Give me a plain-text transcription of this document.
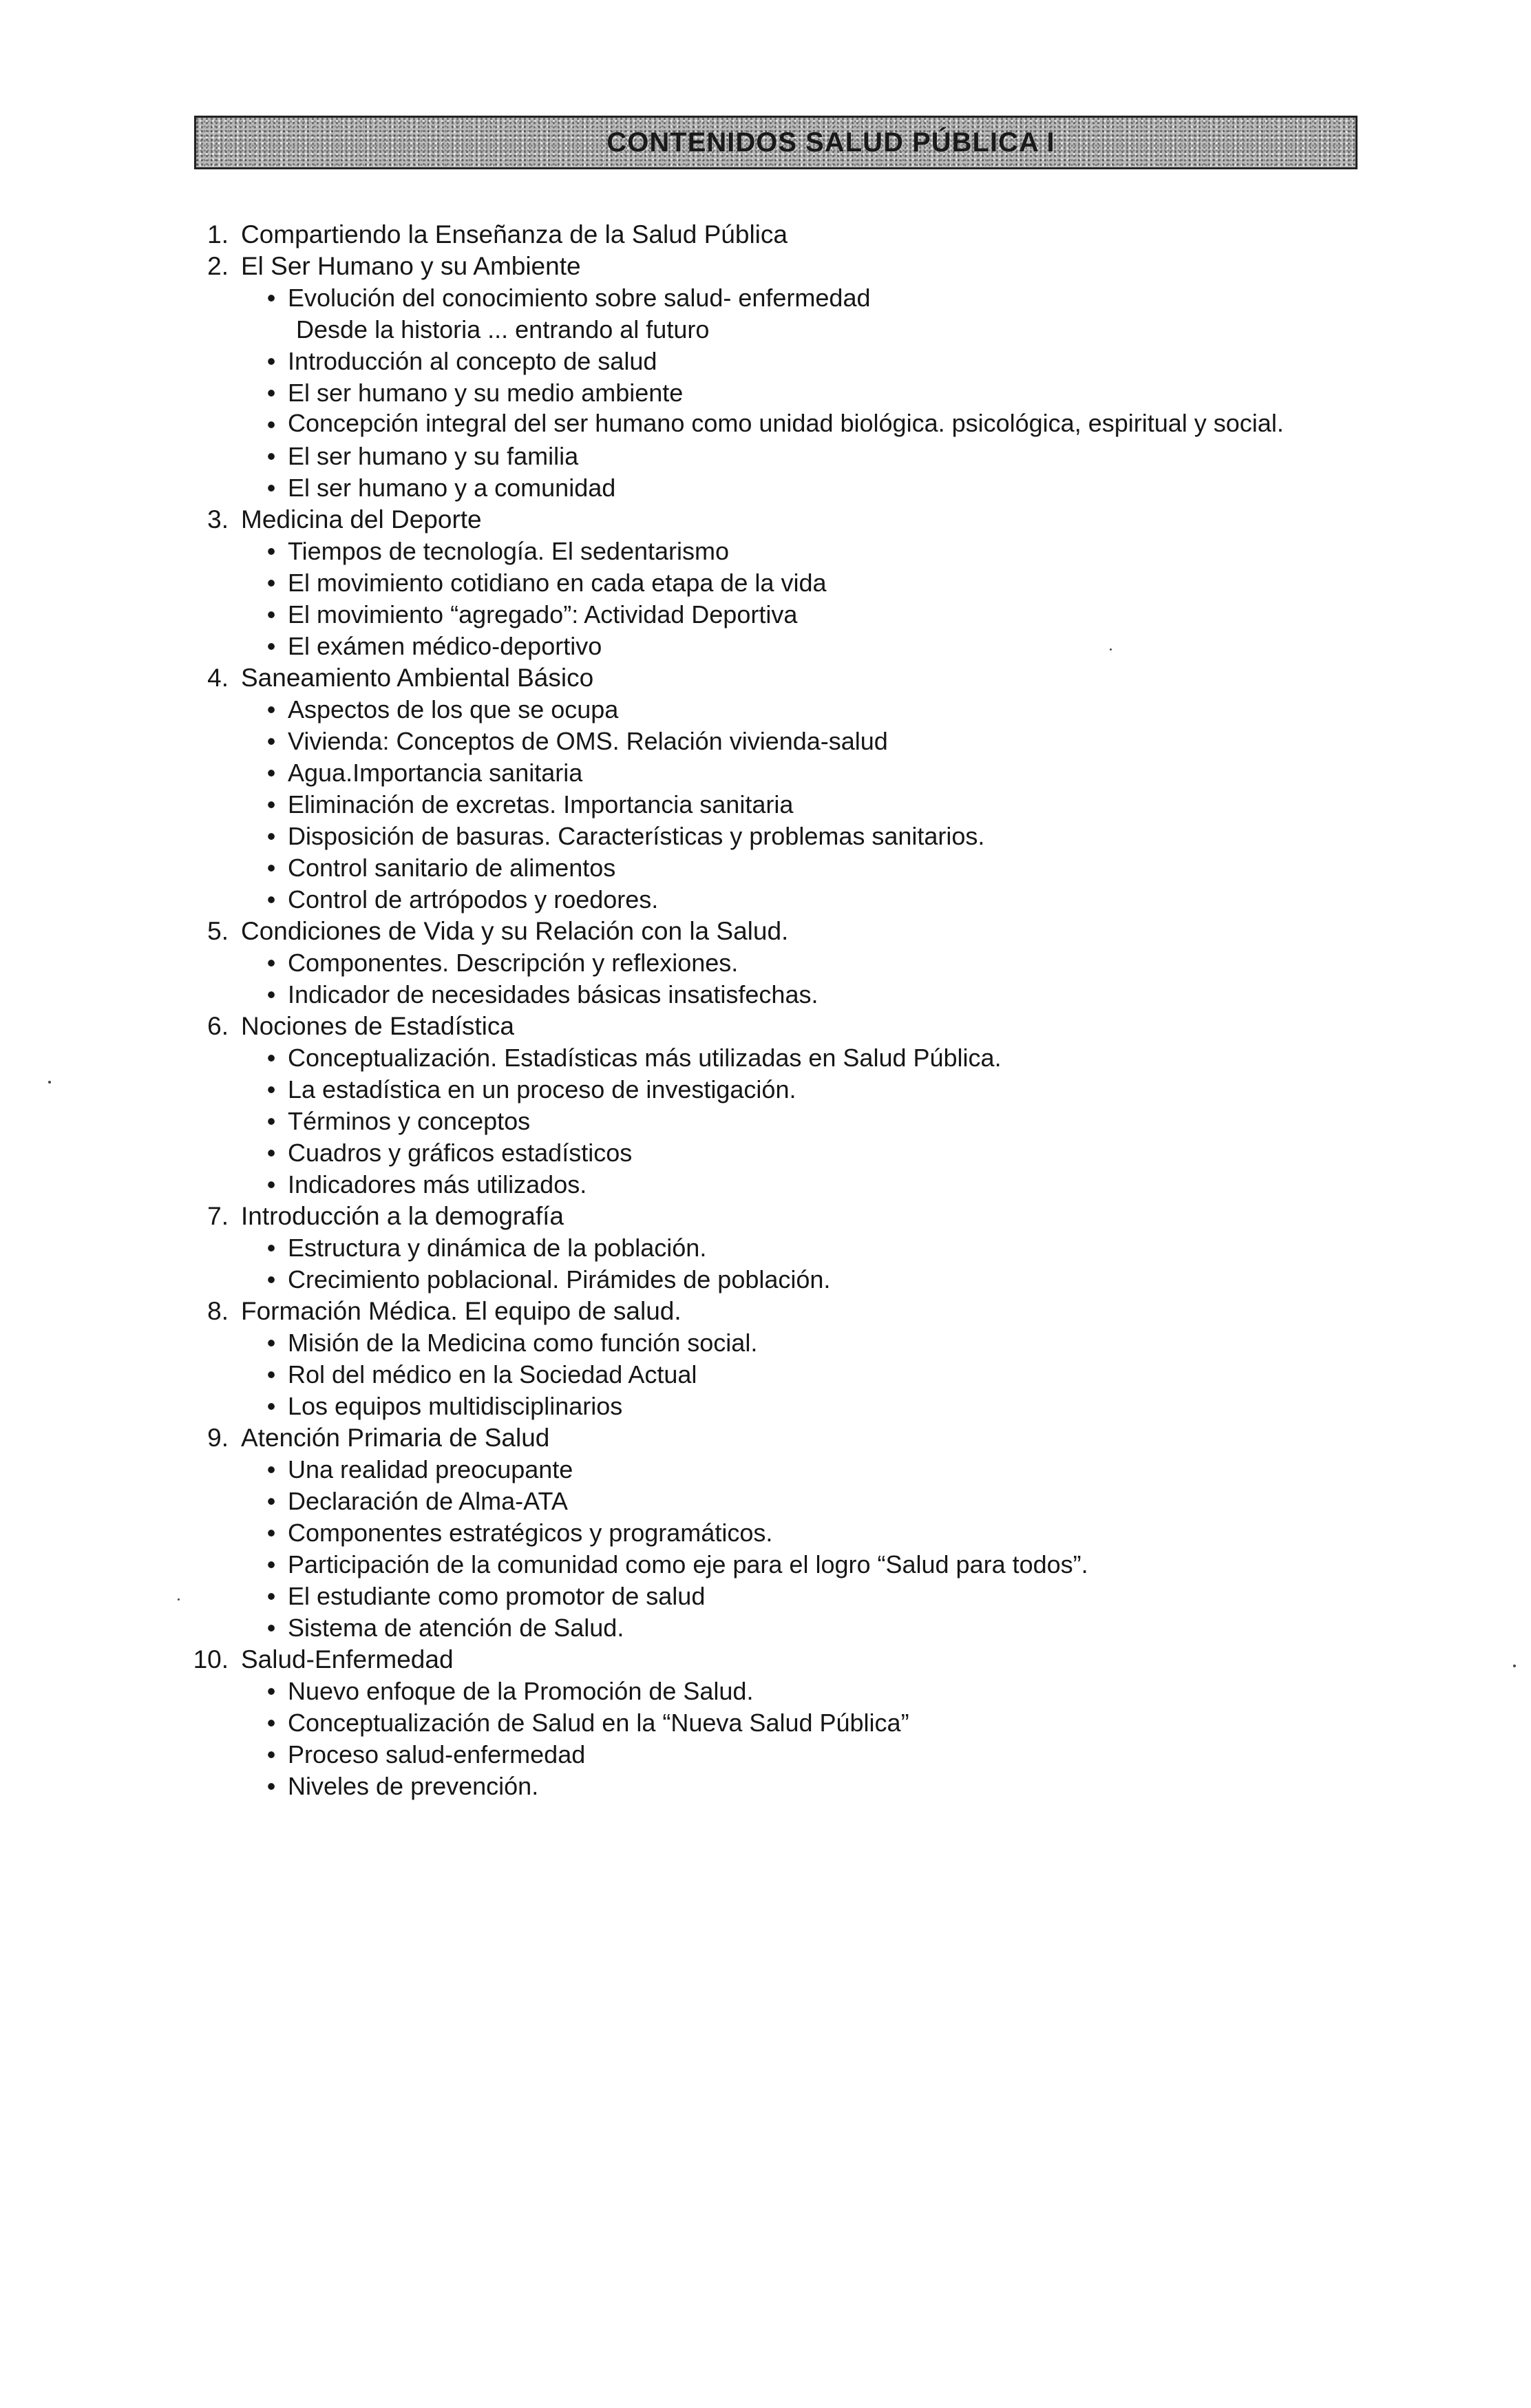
CONTENIDOS SALUD PÚBLICA I
1. Compartiendo la Enseñanza de la Salud Pública
2. El Ser Humano y su Ambiente
• Evolución del conocimiento sobre salud- enfermedad
Desde la historia ... entrando al futuro
• Introducción al concepto de salud
• El ser humano y su medio ambiente
• Concepción integral del ser humano como unidad biológica. psicológica, espiritual y social.
• El ser humano y su familia
• El ser humano y a comunidad
3. Medicina del Deporte
• Tiempos de tecnología. El sedentarismo
• El movimiento cotidiano en cada etapa de la vida
• El movimiento “agregado”: Actividad Deportiva
• El exámen médico-deportivo
4. Saneamiento Ambiental Básico
• Aspectos de los que se ocupa
• Vivienda: Conceptos de OMS. Relación vivienda-salud
• Agua.Importancia sanitaria
• Eliminación de excretas. Importancia sanitaria
• Disposición de basuras. Características y problemas sanitarios.
• Control sanitario de alimentos
• Control de artrópodos y roedores.
5. Condiciones de Vida y su Relación con la Salud.
• Componentes. Descripción y reflexiones.
• Indicador de necesidades básicas insatisfechas.
6. Nociones de Estadística
• Conceptualización. Estadísticas más utilizadas en Salud Pública.
• La estadística en un proceso de investigación.
• Términos y conceptos
• Cuadros y gráficos estadísticos
• Indicadores más utilizados.
7. Introducción a la demografía
• Estructura y dinámica de la población.
• Crecimiento poblacional. Pirámides de población.
8. Formación Médica. El equipo de salud.
• Misión de la Medicina como función social.
• Rol del médico en la Sociedad Actual
• Los equipos multidisciplinarios
9. Atención Primaria de Salud
• Una realidad preocupante
• Declaración de Alma-ATA
• Componentes estratégicos y programáticos.
• Participación de la comunidad como eje para el logro “Salud para todos”.
• El estudiante como promotor de salud
• Sistema de atención de Salud.
10. Salud-Enfermedad
• Nuevo enfoque de la Promoción de Salud.
• Conceptualización de Salud en la “Nueva Salud Pública”
• Proceso salud-enfermedad
• Niveles de prevención.
